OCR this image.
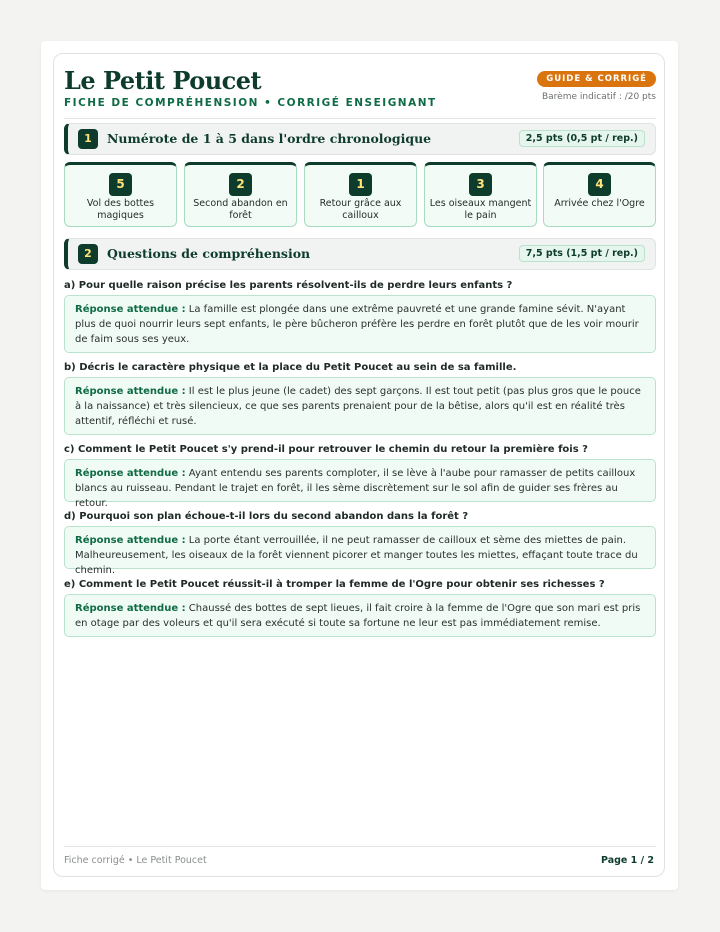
Le Petit Poucet
FICHE DE COMPRÉHENSION • CORRIGÉ ENSEIGNANT
GUIDE & CORRIGÉ
Barème indicatif : /20 pts
1	Numérote de 1 à 5 dans l'ordre chronologique	2,5 pts (0,5 pt / rep.)
5
Vol des bottes magiques
2
Second abandon en forêt
1
Retour grâce aux cailloux
3
Les oiseaux mangent le pain
4
Arrivée chez l'Ogre
2	Questions de compréhension	7,5 pts (1,5 pt / rep.)

a) Pour quelle raison précise les parents résolvent-ils de perdre leurs enfants ?

Réponse attendue : La famille est plongée dans une extrême pauvreté et une grande famine sévit. N'ayant plus de quoi nourrir leurs sept enfants, le père bûcheron préfère les perdre en forêt plutôt que de les voir mourir de faim sous ses yeux.

b) Décris le caractère physique et la place du Petit Poucet au sein de sa famille.

Réponse attendue : Il est le plus jeune (le cadet) des sept garçons. Il est tout petit (pas plus gros que le pouce à la naissance) et très silencieux, ce que ses parents prenaient pour de la bêtise, alors qu'il est en réalité très attentif, réfléchi et rusé.

c) Comment le Petit Poucet s'y prend-il pour retrouver le chemin du retour la première fois ?

Réponse attendue : Ayant entendu ses parents comploter, il se lève à l'aube pour ramasser de petits cailloux blancs au ruisseau. Pendant le trajet en forêt, il les sème discrètement sur le sol afin de guider ses frères au retour.

d) Pourquoi son plan échoue-t-il lors du second abandon dans la forêt ?

Réponse attendue : La porte étant verrouillée, il ne peut ramasser de cailloux et sème des miettes de pain. Malheureusement, les oiseaux de la forêt viennent picorer et manger toutes les miettes, effaçant toute trace du chemin.

e) Comment le Petit Poucet réussit-il à tromper la femme de l'Ogre pour obtenir ses richesses ?

Réponse attendue : Chaussé des bottes de sept lieues, il fait croire à la femme de l'Ogre que son mari est pris en otage par des voleurs et qu'il sera exécuté si toute sa fortune ne leur est pas immédiatement remise.
Fiche corrigé • Le Petit Poucet	Page 1 / 2
